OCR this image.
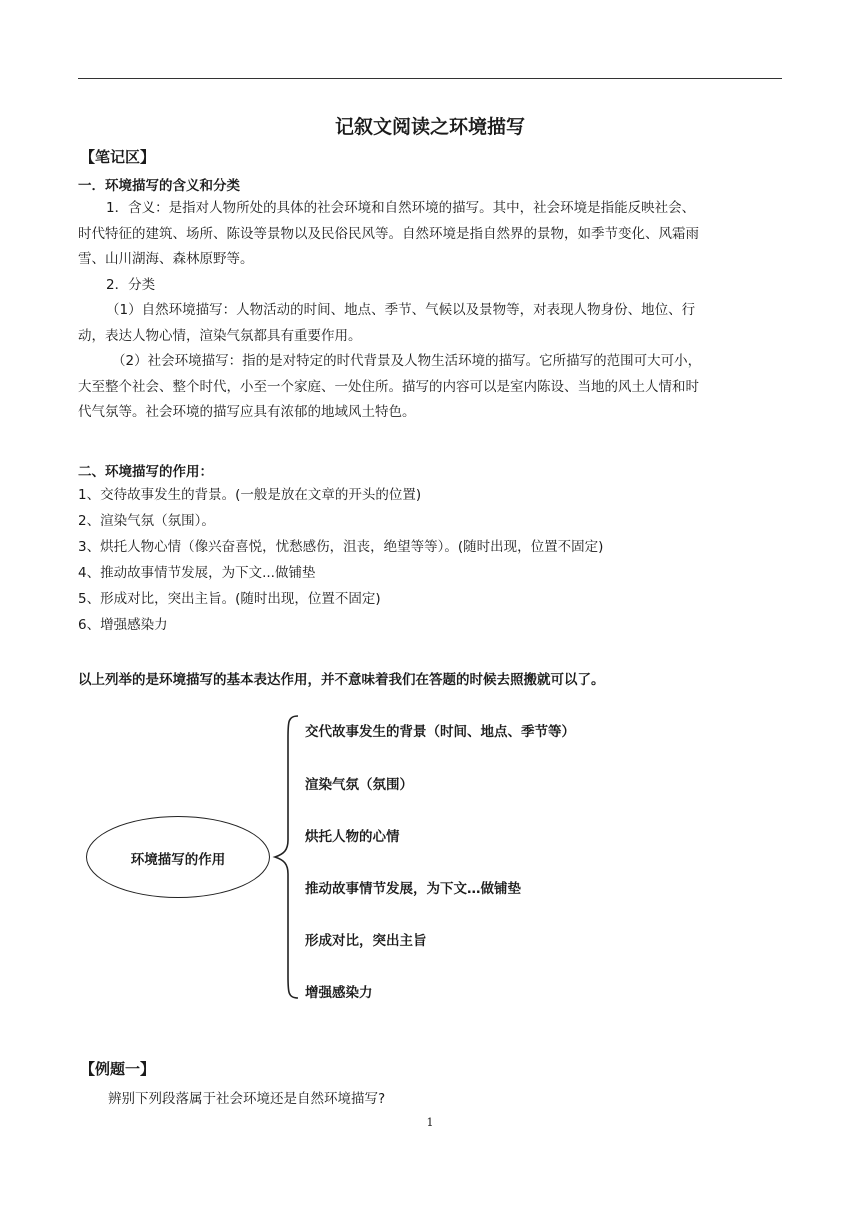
记叙文阅读之环境描写
【笔记区】
一．环境描写的含义和分类
1．含义：是指对人物所处的具体的社会环境和自然环境的描写。其中，社会环境是指能反映社会、
时代特征的建筑、场所、陈设等景物以及民俗民风等。自然环境是指自然界的景物，如季节变化、风霜雨
雪、山川湖海、森林原野等。
2．分类
（1）自然环境描写：人物活动的时间、地点、季节、气候以及景物等，对表现人物身份、地位、行
动，表达人物心情，渲染气氛都具有重要作用。
（2）社会环境描写：指的是对特定的时代背景及人物生活环境的描写。它所描写的范围可大可小，
大至整个社会、整个时代，小至一个家庭、一处住所。描写的内容可以是室内陈设、当地的风土人情和时
代气氛等。社会环境的描写应具有浓郁的地域风土特色。
二、环境描写的作用：
1、交待故事发生的背景。(一般是放在文章的开头的位置)
2、渲染气氛（氛围）。
3、烘托人物心情（像兴奋喜悦，忧愁感伤，沮丧，绝望等等）。(随时出现，位置不固定)
4、推动故事情节发展，为下文...做铺垫
5、形成对比，突出主旨。(随时出现，位置不固定)
6、增强感染力
以上列举的是环境描写的基本表达作用，并不意味着我们在答题的时候去照搬就可以了。
环境描写的作用
交代故事发生的背景（时间、地点、季节等）
渲染气氛（氛围）
烘托人物的心情
推动故事情节发展，为下文…做铺垫
形成对比，突出主旨
增强感染力
【例题一】
辨别下列段落属于社会环境还是自然环境描写?
1
